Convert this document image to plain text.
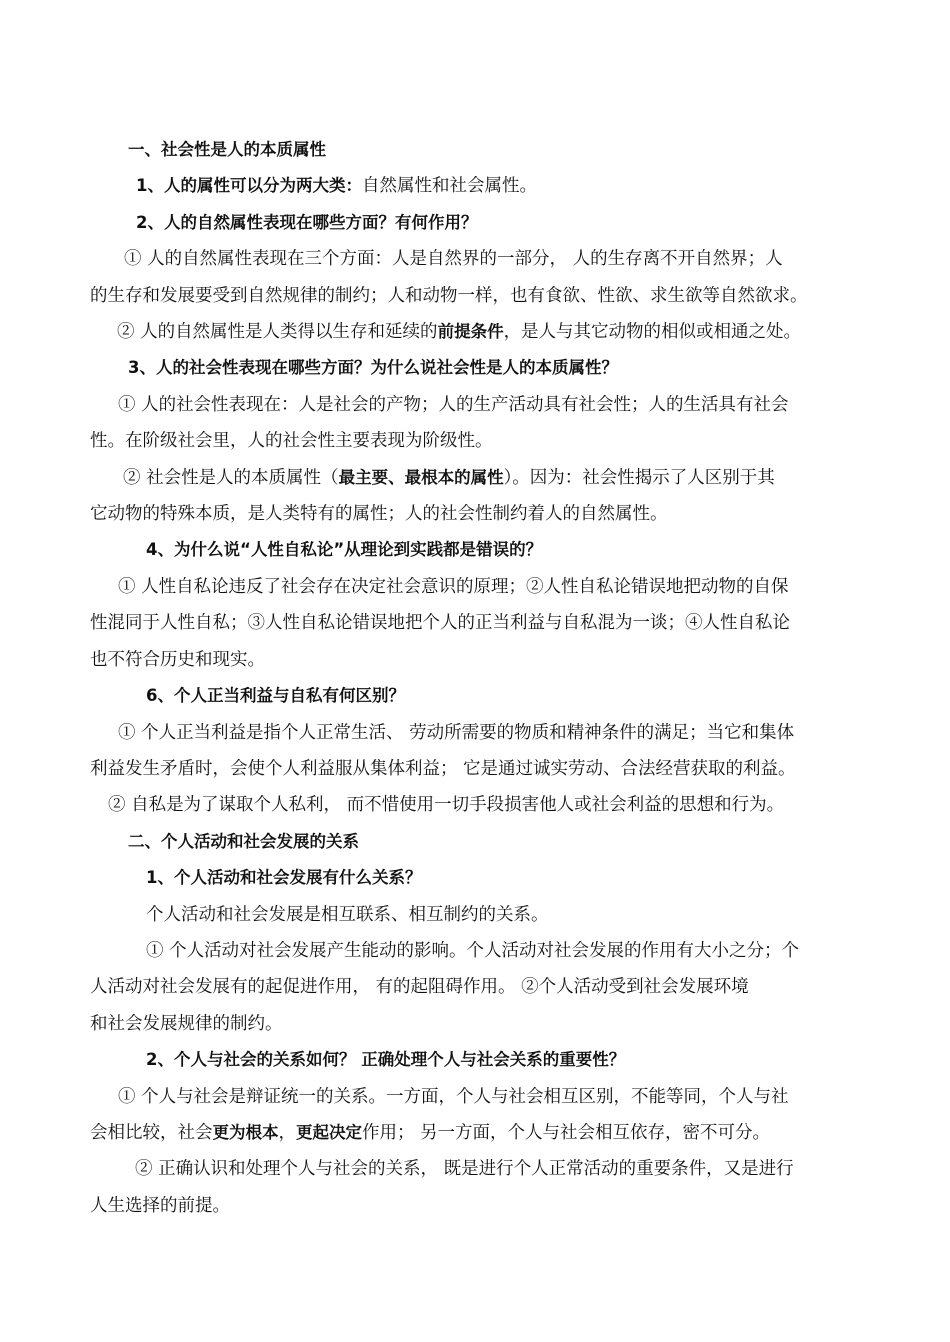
一、社会性是人的本质属性
1、人的属性可以分为两大类：自然属性和社会属性。
2、人的自然属性表现在哪些方面？有何作用？
① 人的自然属性表现在三个方面：人是自然界的一部分， 人的生存离不开自然界；人
的生存和发展要受到自然规律的制约；人和动物一样，也有食欲、性欲、求生欲等自然欲求。
② 人的自然属性是人类得以生存和延续的前提条件，是人与其它动物的相似或相通之处。
3、人的社会性表现在哪些方面？为什么说社会性是人的本质属性？
① 人的社会性表现在：人是社会的产物；人的生产活动具有社会性；人的生活具有社会
性。在阶级社会里，人的社会性主要表现为阶级性。
② 社会性是人的本质属性（最主要、最根本的属性）。因为：社会性揭示了人区别于其
它动物的特殊本质，是人类特有的属性；人的社会性制约着人的自然属性。
4、为什么说“人性自私论”从理论到实践都是错误的？
① 人性自私论违反了社会存在决定社会意识的原理；②人性自私论错误地把动物的自保
性混同于人性自私；③人性自私论错误地把个人的正当利益与自私混为一谈；④人性自私论
也不符合历史和现实。
6、个人正当利益与自私有何区别？
① 个人正当利益是指个人正常生活、 劳动所需要的物质和精神条件的满足；当它和集体
利益发生矛盾时，会使个人利益服从集体利益； 它是通过诚实劳动、合法经营获取的利益。
② 自私是为了谋取个人私利， 而不惜使用一切手段损害他人或社会利益的思想和行为。
二、个人活动和社会发展的关系
1、个人活动和社会发展有什么关系？
个人活动和社会发展是相互联系、相互制约的关系。
① 个人活动对社会发展产生能动的影响。个人活动对社会发展的作用有大小之分；个
人活动对社会发展有的起促进作用， 有的起阻碍作用。 ②个人活动受到社会发展环境
和社会发展规律的制约。
2、个人与社会的关系如何？ 正确处理个人与社会关系的重要性？
① 个人与社会是辩证统一的关系。一方面，个人与社会相互区别，不能等同，个人与社
会相比较，社会更为根本，更起决定作用； 另一方面，个人与社会相互依存，密不可分。
② 正确认识和处理个人与社会的关系， 既是进行个人正常活动的重要条件，又是进行
人生选择的前提。
